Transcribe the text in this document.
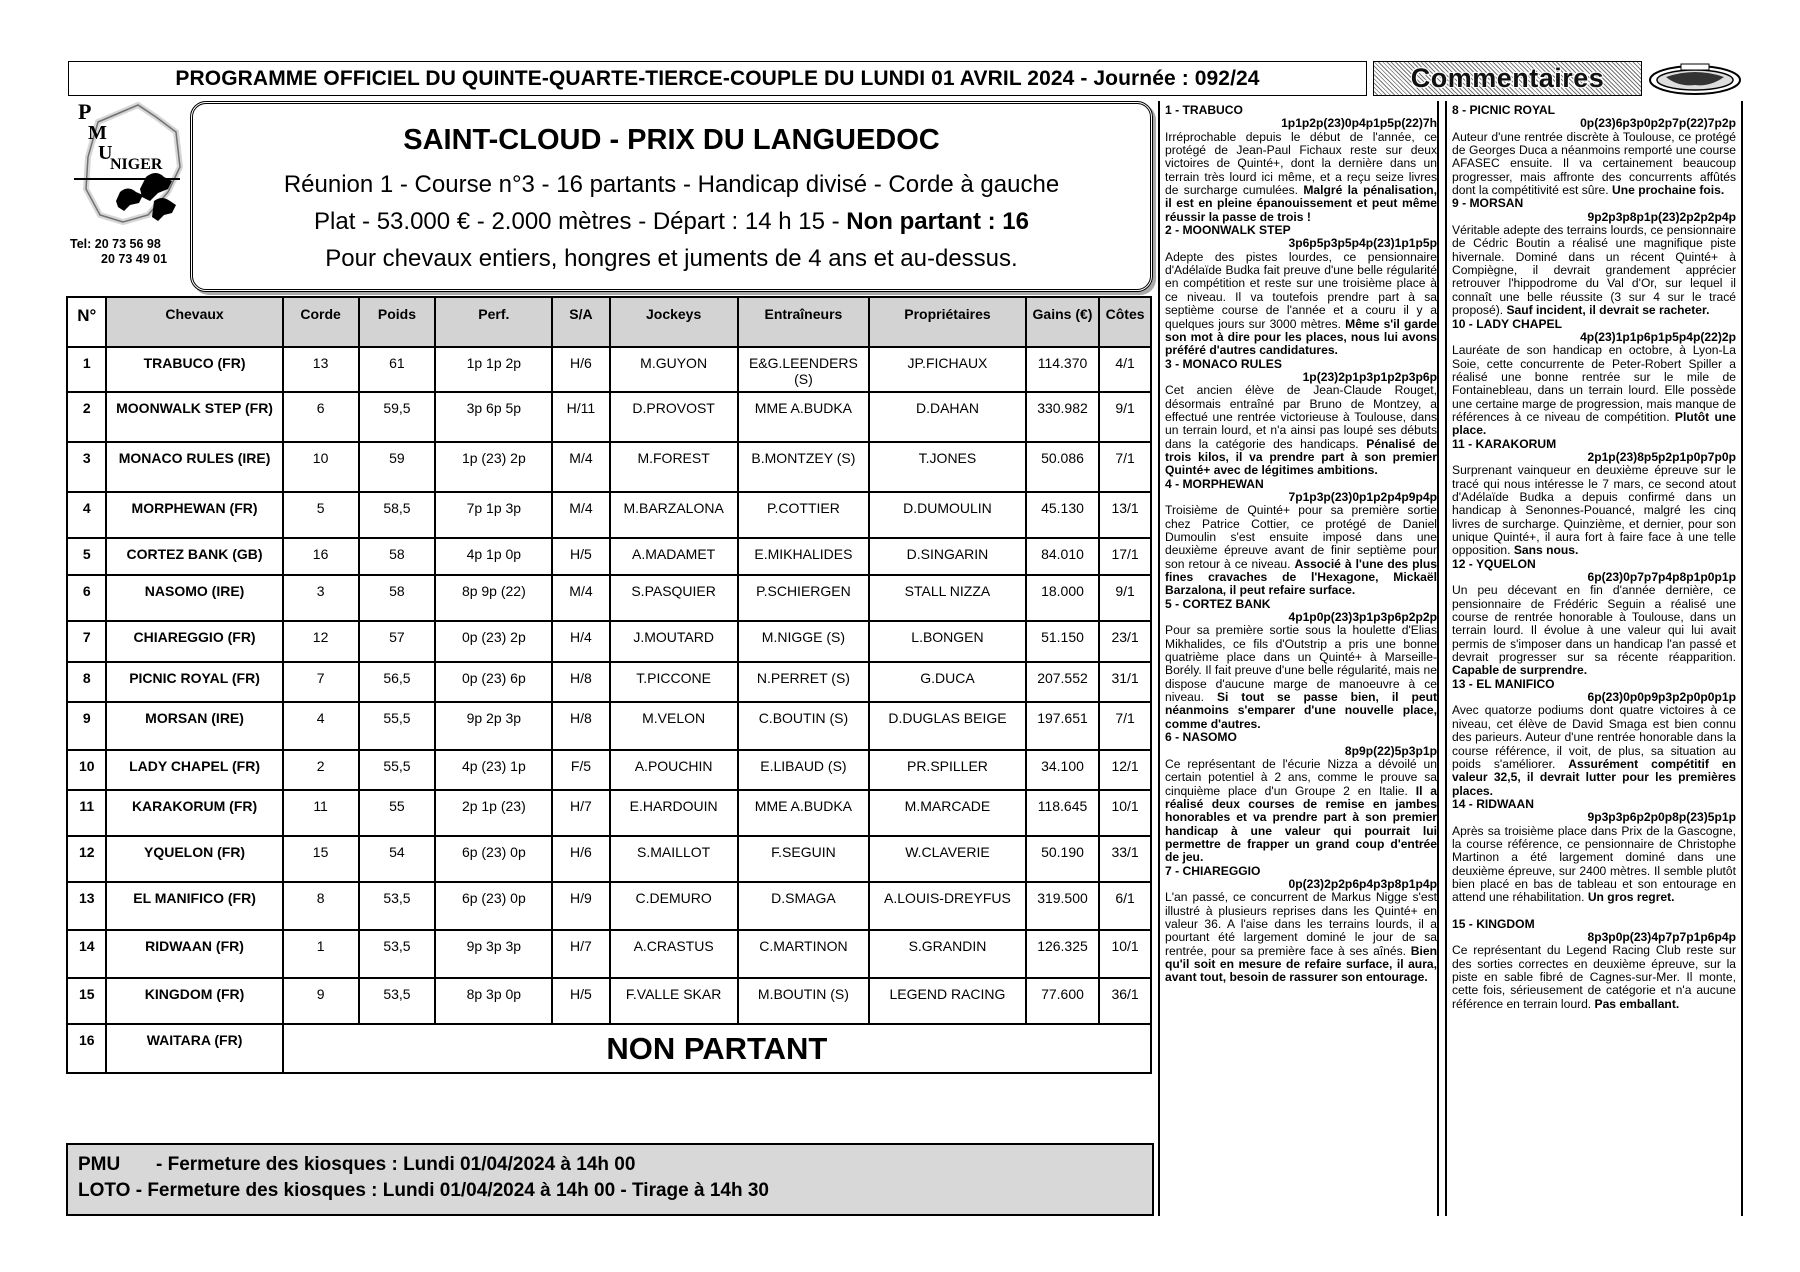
PROGRAMME OFFICIEL DU QUINTE-QUARTE-TIERCE-COUPLE DU LUNDI 01 AVRIL 2024 - Journée : 092/24	Commentaires
P
M
U
NIGER
Tel: 20 73 56 98
20 73 49 01
SAINT-CLOUD - PRIX DU LANGUEDOC
Réunion 1 - Course n°3 - 16 partants - Handicap divisé - Corde à gauche
Plat - 53.000 € - 2.000 mètres - Départ : 14 h 15 - Non partant : 16
Pour chevaux entiers, hongres et juments de 4 ans et au-dessus.
N°	Chevaux	Corde	Poids	Perf.	S/A	Jockeys	Entraîneurs	Propriétaires	Gains (€)	Côtes
1	TRABUCO (FR)	13	61	1p 1p 2p	H/6	M.GUYON	E&G.LEENDERS (S)	JP.FICHAUX	114.370	4/1
2	MOONWALK STEP (FR)	6	59,5	3p 6p 5p	H/11	D.PROVOST	MME A.BUDKA	D.DAHAN	330.982	9/1
3	MONACO RULES (IRE)	10	59	1p (23) 2p	M/4	M.FOREST	B.MONTZEY (S)	T.JONES	50.086	7/1
4	MORPHEWAN (FR)	5	58,5	7p 1p 3p	M/4	M.BARZALONA	P.COTTIER	D.DUMOULIN	45.130	13/1
5	CORTEZ BANK (GB)	16	58	4p 1p 0p	H/5	A.MADAMET	E.MIKHALIDES	D.SINGARIN	84.010	17/1
6	NASOMO (IRE)	3	58	8p 9p (22)	M/4	S.PASQUIER	P.SCHIERGEN	STALL NIZZA	18.000	9/1
7	CHIAREGGIO (FR)	12	57	0p (23) 2p	H/4	J.MOUTARD	M.NIGGE (S)	L.BONGEN	51.150	23/1
8	PICNIC ROYAL (FR)	7	56,5	0p (23) 6p	H/8	T.PICCONE	N.PERRET (S)	G.DUCA	207.552	31/1
9	MORSAN (IRE)	4	55,5	9p 2p 3p	H/8	M.VELON	C.BOUTIN (S)	D.DUGLAS BEIGE	197.651	7/1
10	LADY CHAPEL (FR)	2	55,5	4p (23) 1p	F/5	A.POUCHIN	E.LIBAUD (S)	PR.SPILLER	34.100	12/1
11	KARAKORUM (FR)	11	55	2p 1p (23)	H/7	E.HARDOUIN	MME A.BUDKA	M.MARCADE	118.645	10/1
12	YQUELON (FR)	15	54	6p (23) 0p	H/6	S.MAILLOT	F.SEGUIN	W.CLAVERIE	50.190	33/1
13	EL MANIFICO (FR)	8	53,5	6p (23) 0p	H/9	C.DEMURO	D.SMAGA	A.LOUIS-DREYFUS	319.500	6/1
14	RIDWAAN (FR)	1	53,5	9p 3p 3p	H/7	A.CRASTUS	C.MARTINON	S.GRANDIN	126.325	10/1
15	KINGDOM (FR)	9	53,5	8p 3p 0p	H/5	F.VALLE SKAR	M.BOUTIN (S)	LEGEND RACING	77.600	36/1
16	WAITARA (FR)	NON PARTANT								
PMU - Fermeture des kiosques : Lundi 01/04/2024 à 14h 00
LOTO - Fermeture des kiosques : Lundi 01/04/2024 à 14h 00 - Tirage à 14h 30
1 - TRABUCO
1p1p2p(23)0p4p1p5p(22)7h
Irréprochable depuis le début de l'année, ce protégé de Jean-Paul Fichaux reste sur deux victoires de Quinté+, dont la dernière dans un terrain très lourd ici même, et a reçu seize livres de surcharge cumulées. Malgré la pénalisation, il est en pleine épanouissement et peut même réussir la passe de trois !
2 - MOONWALK STEP
3p6p5p3p5p4p(23)1p1p5p
Adepte des pistes lourdes, ce pensionnaire d'Adélaïde Budka fait preuve d'une belle régularité en compétition et reste sur une troisième place à ce niveau. Il va toutefois prendre part à sa septième course de l'année et a couru il y a quelques jours sur 3000 mètres. Même s'il garde son mot à dire pour les places, nous lui avons préféré d'autres candidatures.
3 - MONACO RULES
1p(23)2p1p3p1p2p3p6p
Cet ancien élève de Jean-Claude Rouget, désormais entraîné par Bruno de Montzey, a effectué une rentrée victorieuse à Toulouse, dans un terrain lourd, et n'a ainsi pas loupé ses débuts dans la catégorie des handicaps. Pénalisé de trois kilos, il va prendre part à son premier Quinté+ avec de légitimes ambitions.
4 - MORPHEWAN
7p1p3p(23)0p1p2p4p9p4p
Troisième de Quinté+ pour sa première sortie chez Patrice Cottier, ce protégé de Daniel Dumoulin s'est ensuite imposé dans une deuxième épreuve avant de finir septième pour son retour à ce niveau. Associé à l'une des plus fines cravaches de l'Hexagone, Mickaël Barzalona, il peut refaire surface.
5 - CORTEZ BANK
4p1p0p(23)3p1p3p6p2p2p
Pour sa première sortie sous la houlette d'Elias Mikhalides, ce fils d'Outstrip a pris une bonne quatrième place dans un Quinté+ à Marseille-Borély. Il fait preuve d'une belle régularité, mais ne dispose d'aucune marge de manoeuvre à ce niveau. Si tout se passe bien, il peut néanmoins s'emparer d'une nouvelle place, comme d'autres.
6 - NASOMO
8p9p(22)5p3p1p
Ce représentant de l'écurie Nizza a dévoilé un certain potentiel à 2 ans, comme le prouve sa cinquième place d'un Groupe 2 en Italie. Il a réalisé deux courses de remise en jambes honorables et va prendre part à son premier handicap à une valeur qui pourrait lui permettre de frapper un grand coup d'entrée de jeu.
7 - CHIAREGGIO
0p(23)2p2p6p4p3p8p1p4p
L'an passé, ce concurrent de Markus Nigge s'est illustré à plusieurs reprises dans les Quinté+ en valeur 36. A l'aise dans les terrains lourds, il a pourtant été largement dominé le jour de sa rentrée, pour sa première face à ses aînés. Bien qu'il soit en mesure de refaire surface, il aura, avant tout, besoin de rassurer son entourage.
8 - PICNIC ROYAL
0p(23)6p3p0p2p7p(22)7p2p
Auteur d'une rentrée discrète à Toulouse, ce protégé de Georges Duca a néanmoins remporté une course AFASEC ensuite. Il va certainement beaucoup progresser, mais affronte des concurrents affûtés dont la compétitivité est sûre. Une prochaine fois.
9 - MORSAN
9p2p3p8p1p(23)2p2p2p4p
Véritable adepte des terrains lourds, ce pensionnaire de Cédric Boutin a réalisé une magnifique piste hivernale. Dominé dans un récent Quinté+ à Compiègne, il devrait grandement apprécier retrouver l'hippodrome du Val d'Or, sur lequel il connaît une belle réussite (3 sur 4 sur le tracé proposé). Sauf incident, il devrait se racheter.
10 - LADY CHAPEL
4p(23)1p1p6p1p5p4p(22)2p
Lauréate de son handicap en octobre, à Lyon-La Soie, cette concurrente de Peter-Robert Spiller a réalisé une bonne rentrée sur le mile de Fontainebleau, dans un terrain lourd. Elle possède une certaine marge de progression, mais manque de références à ce niveau de compétition. Plutôt une place.
11 - KARAKORUM
2p1p(23)8p5p2p1p0p7p0p
Surprenant vainqueur en deuxième épreuve sur le tracé qui nous intéresse le 7 mars, ce second atout d'Adélaïde Budka a depuis confirmé dans un handicap à Senonnes-Pouancé, malgré les cinq livres de surcharge. Quinzième, et dernier, pour son unique Quinté+, il aura fort à faire face à une telle opposition. Sans nous.
12 - YQUELON
6p(23)0p7p7p4p8p1p0p1p
Un peu décevant en fin d'année dernière, ce pensionnaire de Frédéric Seguin a réalisé une course de rentrée honorable à Toulouse, dans un terrain lourd. Il évolue à une valeur qui lui avait permis de s'imposer dans un handicap l'an passé et devrait progresser sur sa récente réapparition. Capable de surprendre.
13 - EL MANIFICO
6p(23)0p0p9p3p2p0p0p1p
Avec quatorze podiums dont quatre victoires à ce niveau, cet élève de David Smaga est bien connu des parieurs. Auteur d'une rentrée honorable dans la course référence, il voit, de plus, sa situation au poids s'améliorer. Assurément compétitif en valeur 32,5, il devrait lutter pour les premières places.
14 - RIDWAAN
9p3p3p6p2p0p8p(23)5p1p
Après sa troisième place dans Prix de la Gascogne, la course référence, ce pensionnaire de Christophe Martinon a été largement dominé dans une deuxième épreuve, sur 2400 mètres. Il semble plutôt bien placé en bas de tableau et son entourage en attend une réhabilitation. Un gros regret.
15 - KINGDOM
8p3p0p(23)4p7p7p1p6p4p
Ce représentant du Legend Racing Club reste sur des sorties correctes en deuxième épreuve, sur la piste en sable fibré de Cagnes-sur-Mer. Il monte, cette fois, sérieusement de catégorie et n'a aucune référence en terrain lourd. Pas emballant.
